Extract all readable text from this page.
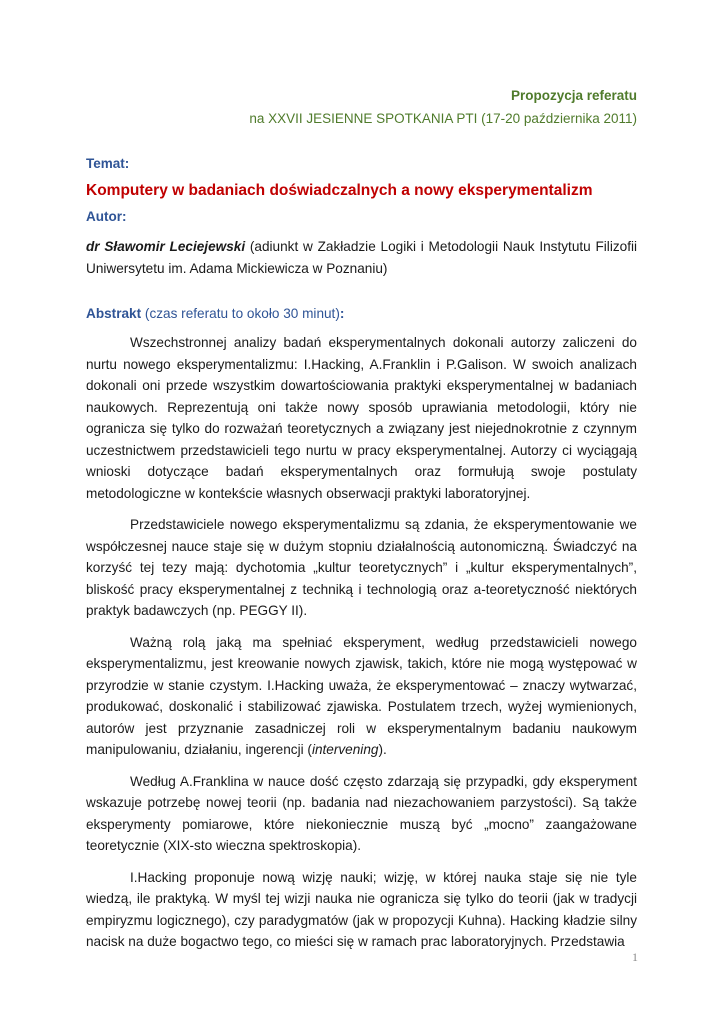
Propozycja referatu
na XXVII JESIENNE SPOTKANIA PTI (17-20 października 2011)
Temat:
Komputery w badaniach doświadczalnych a nowy eksperymentalizm
Autor:
dr Sławomir Leciejewski (adiunkt w Zakładzie Logiki i Metodologii Nauk Instytutu Filizofii Uniwersytetu im. Adama Mickiewicza w Poznaniu)
Abstrakt (czas referatu to około 30 minut):

Wszechstronnej analizy badań eksperymentalnych dokonali autorzy zaliczeni do nurtu nowego eksperymentalizmu: I.Hacking, A.Franklin i P.Galison. W swoich analizach dokonali oni przede wszystkim dowartościowania praktyki eksperymentalnej w badaniach naukowych. Reprezentują oni także nowy sposób uprawiania metodologii, który nie ogranicza się tylko do rozważań teoretycznych a związany jest niejednokrotnie z czynnym uczestnictwem przedstawicieli tego nurtu w pracy eksperymentalnej. Autorzy ci wyciągają wnioski dotyczące badań eksperymentalnych oraz formułują swoje postulaty metodologiczne w kontekście własnych obserwacji praktyki laboratoryjnej.

Przedstawiciele nowego eksperymentalizmu są zdania, że eksperymentowanie we współczesnej nauce staje się w dużym stopniu działalnością autonomiczną. Świadczyć na korzyść tej tezy mają: dychotomia „kultur teoretycznych” i „kultur eksperymentalnych”, bliskość pracy eksperymentalnej z techniką i technologią oraz a-teoretyczność niektórych praktyk badawczych (np. PEGGY II).

Ważną rolą jaką ma spełniać eksperyment, według przedstawicieli nowego eksperymentalizmu, jest kreowanie nowych zjawisk, takich, które nie mogą występować w przyrodzie w stanie czystym. I.Hacking uważa, że eksperymentować – znaczy wytwarzać, produkować, doskonalić i stabilizować zjawiska. Postulatem trzech, wyżej wymienionych, autorów jest przyznanie zasadniczej roli w eksperymentalnym badaniu naukowym manipulowaniu, działaniu, ingerencji (intervening).

Według A.Franklina w nauce dość często zdarzają się przypadki, gdy eksperyment wskazuje potrzebę nowej teorii (np. badania nad niezachowaniem parzystości). Są także eksperymenty pomiarowe, które niekoniecznie muszą być „mocno” zaangażowane teoretycznie (XIX-sto wieczna spektroskopia).

I.Hacking proponuje nową wizję nauki; wizję, w której nauka staje się nie tyle wiedzą, ile praktyką. W myśl tej wizji nauka nie ogranicza się tylko do teorii (jak w tradycji empiryzmu logicznego), czy paradygmatów (jak w propozycji Kuhna). Hacking kładzie silny nacisk na duże bogactwo tego, co mieści się w ramach prac laboratoryjnych. Przedstawia

1
